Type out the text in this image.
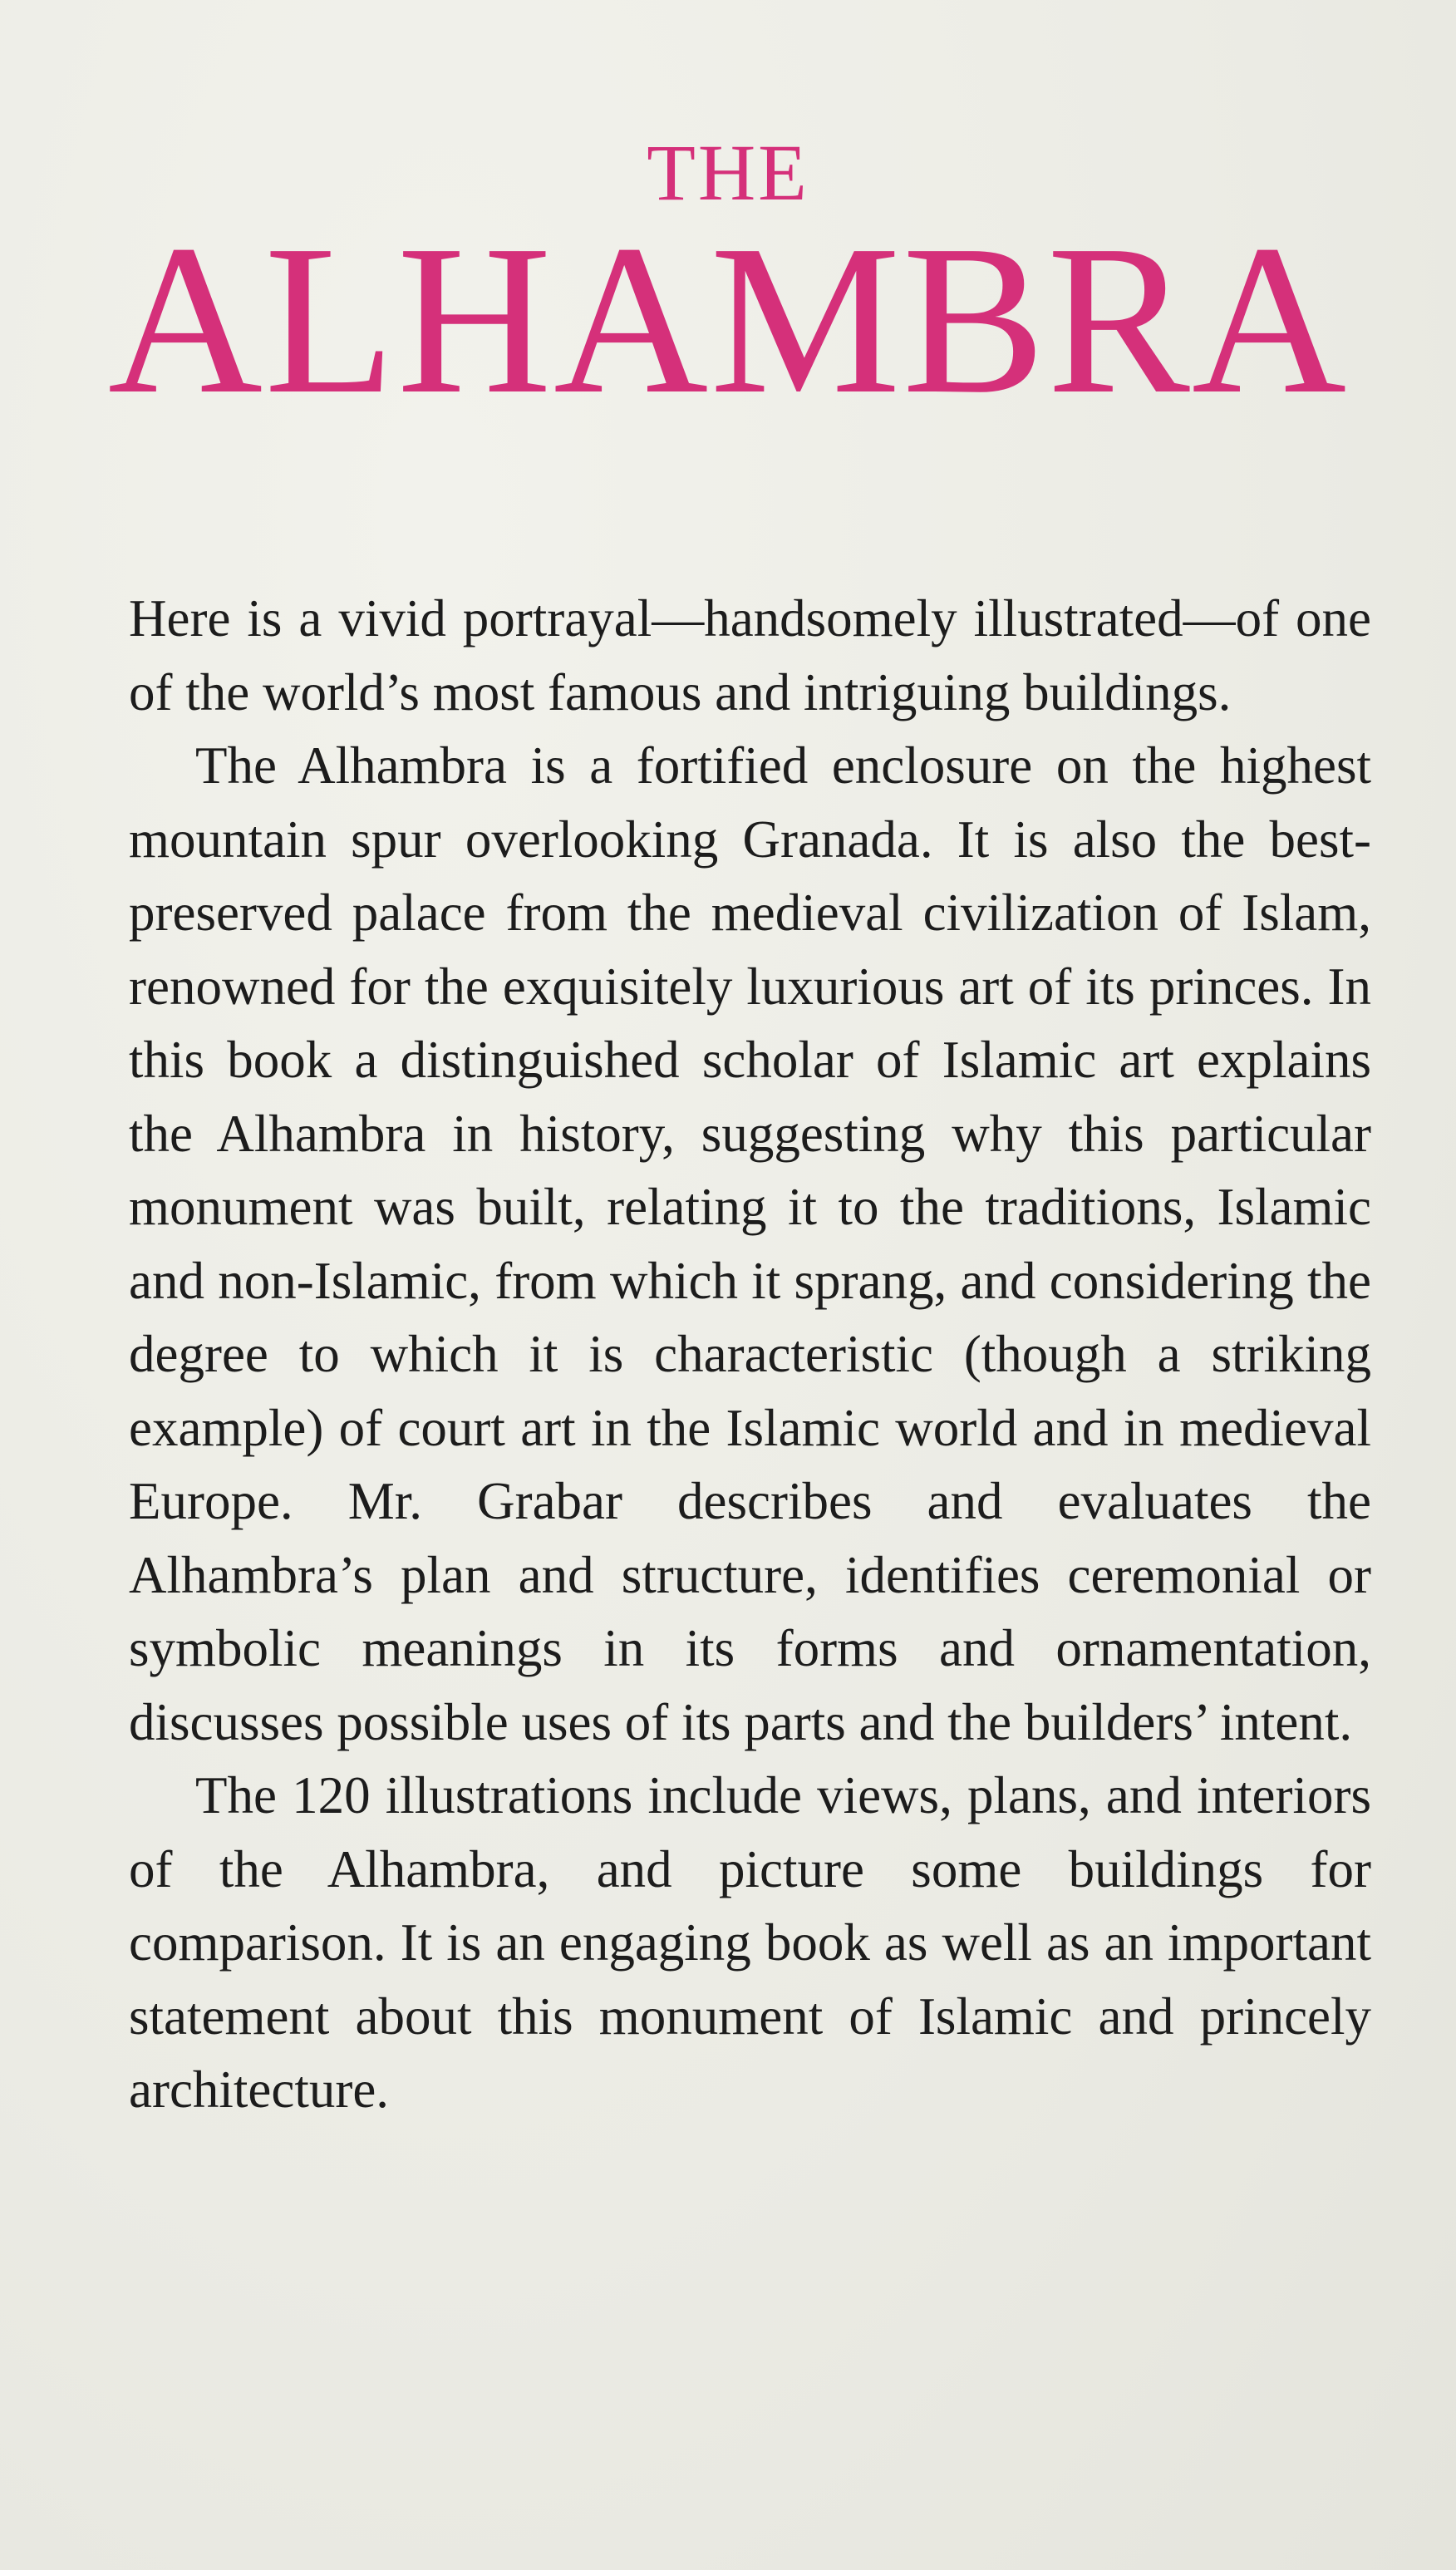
THE
ALHAMBRA

Here is a vivid portrayal—handsomely illustrated—of one of the world’s most famous and intriguing buildings.

The Alhambra is a fortified enclosure on the highest mountain spur overlooking Granada. It is also the best-preserved palace from the medieval civilization of Islam, renowned for the exquisitely luxurious art of its princes. In this book a distinguished scholar of Islamic art explains the Alhambra in history, suggesting why this particular monument was built, relating it to the traditions, Islamic and non-Islamic, from which it sprang, and considering the degree to which it is characteristic (though a striking example) of court art in the Islamic world and in medieval Europe. Mr. Grabar describes and evaluates the Alhambra’s plan and structure, identifies ceremonial or symbolic meanings in its forms and ornamentation, discusses possible uses of its parts and the builders’ intent.

The 120 illustrations include views, plans, and interiors of the Alhambra, and picture some buildings for comparison. It is an engaging book as well as an important statement about this monument of Islamic and princely architecture.
